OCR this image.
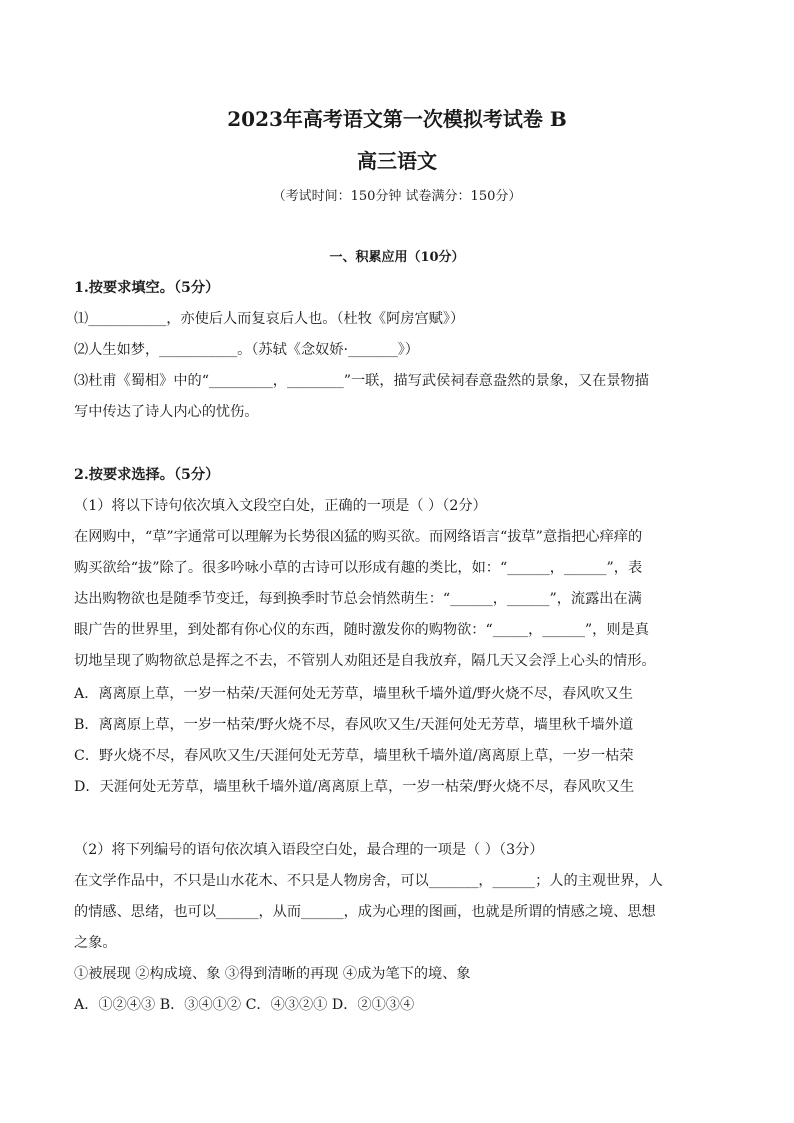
2023年高考语文第一次模拟考试卷 B
高三语文
（考试时间：150分钟 试卷满分：150分）
一、积累应用（10分）
1.按要求填空。（5分）
⑴___________，亦使后人而复哀后人也。（杜牧《阿房宫赋》）
⑵人生如梦，___________。（苏轼《念奴娇·_______》）
⑶杜甫《蜀相》中的“_________，________”一联，描写武侯祠春意盎然的景象，又在景物描
写中传达了诗人内心的忧伤。
2.按要求选择。（5分）
（1）将以下诗句依次填入文段空白处，正确的一项是（ ）（2分）
在网购中，“草”字通常可以理解为长势很凶猛的购买欲。而网络语言“拔草”意指把心痒痒的
购买欲给“拔”除了。很多吟咏小草的古诗可以形成有趣的类比，如：“______，______”，表
达出购物欲也是随季节变迁，每到换季时节总会悄然萌生：“______，______”，流露出在满
眼广告的世界里，到处都有你心仪的东西，随时激发你的购物欲：“_____，______”，则是真
切地呈现了购物欲总是挥之不去，不管别人劝阻还是自我放弃，隔几天又会浮上心头的情形。
A．离离原上草，一岁一枯荣/天涯何处无芳草，墙里秋千墙外道/野火烧不尽，春风吹又生
B．离离原上草，一岁一枯荣/野火烧不尽，春风吹又生/天涯何处无芳草，墙里秋千墙外道
C．野火烧不尽，春风吹又生/天涯何处无芳草，墙里秋千墙外道/离离原上草，一岁一枯荣
D．天涯何处无芳草，墙里秋千墙外道/离离原上草，一岁一枯荣/野火烧不尽，春风吹又生
（2）将下列编号的语句依次填入语段空白处，最合理的一项是（ ）（3分）
在文学作品中，不只是山水花木、不只是人物房舍，可以_______，______；人的主观世界，人
的情感、思绪，也可以______，从而______，成为心理的图画，也就是所谓的情感之境、思想
之象。
①被展现 ②构成境、象 ③得到清晰的再现 ④成为笔下的境、象
A．①②④③ B．③④①② C．④③②① D．②①③④
